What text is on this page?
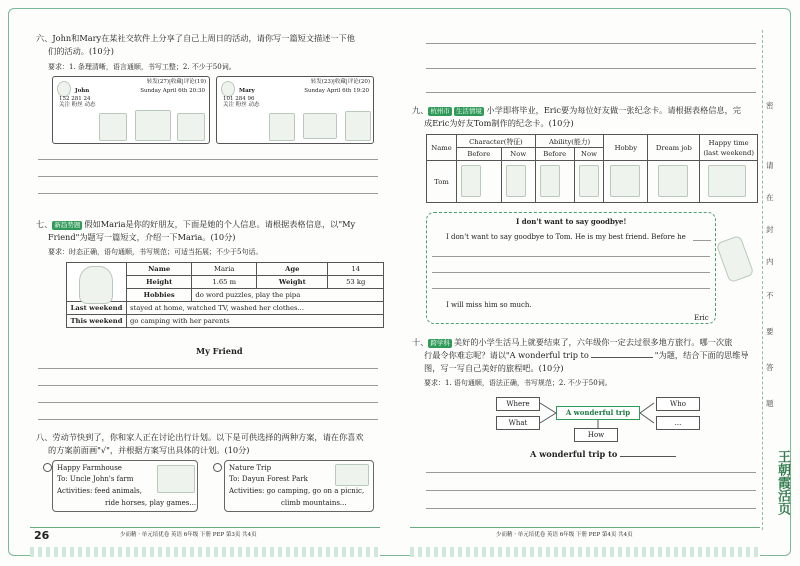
六、John和Mary在某社交软件上分享了自己上周日的活动，请你写一篇短文描述一下他
们的活动。(10分)
要求：1. 条理清晰，语言通顺，书写工整；2. 不少于50词。
转发(27)|收藏|评论(19)
John	Sunday April 6th 20:30
152 281 24
关注 粉丝 动态
转发(23)|收藏|评论(20)
Mary	Sunday April 6th 19:20
101 284 96
关注 粉丝 动态
七、 新趋势题 假如Maria是你的好朋友，下面是她的个人信息。请根据表格信息，以"My
Friend"为题写一篇短文，介绍一下Maria。(10分)
要求：时态正确，语句通顺，书写规范；可适当拓展；不少于5句话。
	Name	Maria	Age	14
	Height	1.65 m	Weight	53 kg
	Hobbies	do word puzzles, play the pipa		
Last weekend	stayed at home, watched TV, washed her clothes...			
This weekend	go camping with her parents			
My Friend
八、劳动节快到了，你和家人正在讨论出行计划。以下是可供选择的两种方案，请在你喜欢
的方案前面画"√"，并根据方案写出具体的计划。(10分)
Happy Farmhouse
To: Uncle John's farm
Activities: feed animals,
ride horses, play games...
Nature Trip
To: Dayun Forest Park
Activities: go camping, go on a picnic,
climb mountains...
26	少而精 · 单元培优卷 英语 6年级 下册 PEP 第3页 共4页
九、 杭州市 生活情境 小学即将毕业，Eric要为每位好友做一张纪念卡。请根据表格信息，完
成Eric为好友Tom制作的纪念卡。(10分)
Name	Character(特征)		Ability(能力)		Hobby	Dream job	Happy time
(last weekend)
	Before	Now	Before	Now			
Tom	

I don't want to say goodbye!
I don't want to say goodbye to Tom. He is my best friend. Before he
I will miss him so much.
Eric
十、 跨学科 美好的小学生活马上就要结束了，六年级你一定去过很多地方旅行。哪一次旅
行最令你难忘呢？请以"A wonderful trip to	"为题，结合下面的思维导
图，写一写自己美好的旅程吧。(10分)
要求：1. 语句通顺，语法正确，书写规范；2. 不少于50词。
Where
What
A wonderful trip
Who
...
How
A wonderful trip to
少而精 · 单元培优卷 英语 6年级 下册 PEP 第4页 共4页
密
请
在
封
内
不
要
答
题
王朝霞活页
